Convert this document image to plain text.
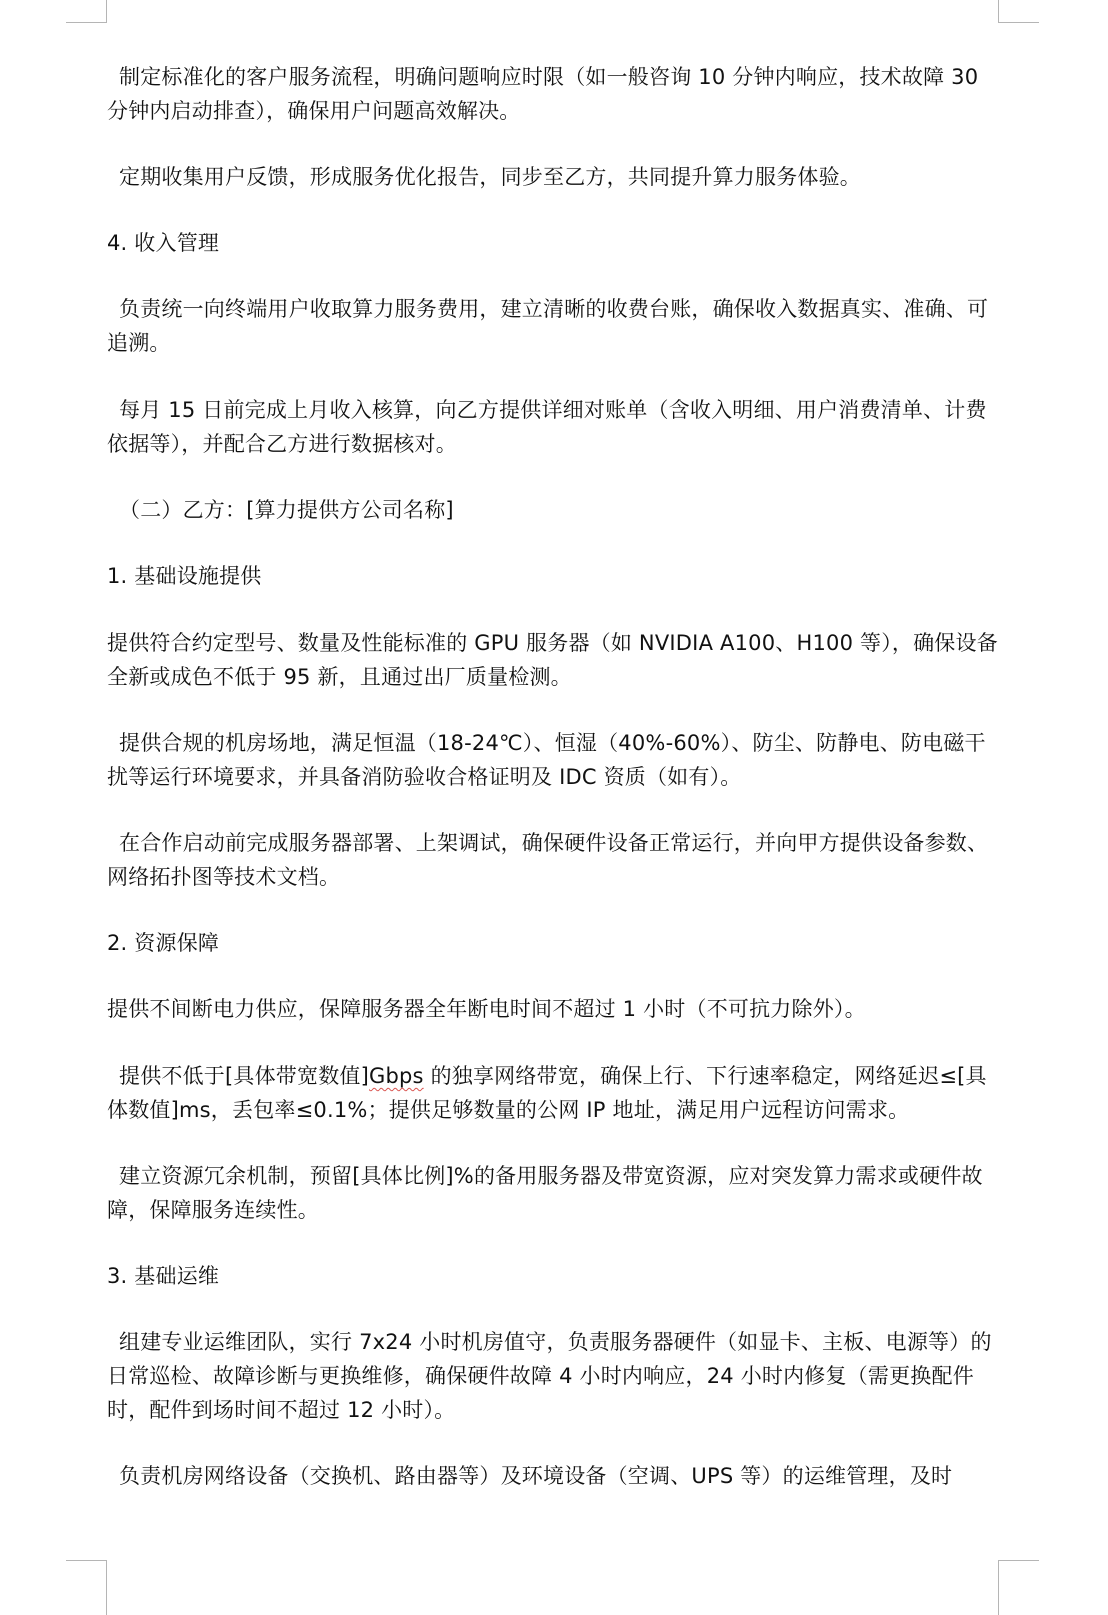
制定标准化的客户服务流程，明确问题响应时限（如一般咨询 10 分钟内响应，技术故障 30 分钟内启动排查），确保用户问题高效解决。
定期收集用户反馈，形成服务优化报告，同步至乙方，共同提升算力服务体验。
4. 收入管理
负责统一向终端用户收取算力服务费用，建立清晰的收费台账，确保收入数据真实、准确、可追溯。
每月 15 日前完成上月收入核算，向乙方提供详细对账单（含收入明细、用户消费清单、计费依据等），并配合乙方进行数据核对。
（二）乙方：[算力提供方公司名称]
1. 基础设施提供
提供符合约定型号、数量及性能标准的 GPU 服务器（如 NVIDIA A100、H100 等），确保设备全新或成色不低于 95 新，且通过出厂质量检测。
提供合规的机房场地，满足恒温（18-24℃）、恒湿（40%-60%）、防尘、防静电、防电磁干扰等运行环境要求，并具备消防验收合格证明及 IDC 资质（如有）。
在合作启动前完成服务器部署、上架调试，确保硬件设备正常运行，并向甲方提供设备参数、网络拓扑图等技术文档。
2. 资源保障
提供不间断电力供应，保障服务器全年断电时间不超过 1 小时（不可抗力除外）。
提供不低于[具体带宽数值]Gbps 的独享网络带宽，确保上行、下行速率稳定，网络延迟≤[具体数值]ms，丢包率≤0.1%；提供足够数量的公网 IP 地址，满足用户远程访问需求。
建立资源冗余机制，预留[具体比例]%的备用服务器及带宽资源，应对突发算力需求或硬件故障，保障服务连续性。
3. 基础运维
组建专业运维团队，实行 7x24 小时机房值守，负责服务器硬件（如显卡、主板、电源等）的日常巡检、故障诊断与更换维修，确保硬件故障 4 小时内响应，24 小时内修复（需更换配件时，配件到场时间不超过 12 小时）。
负责机房网络设备（交换机、路由器等）及环境设备（空调、UPS 等）的运维管理，及时
